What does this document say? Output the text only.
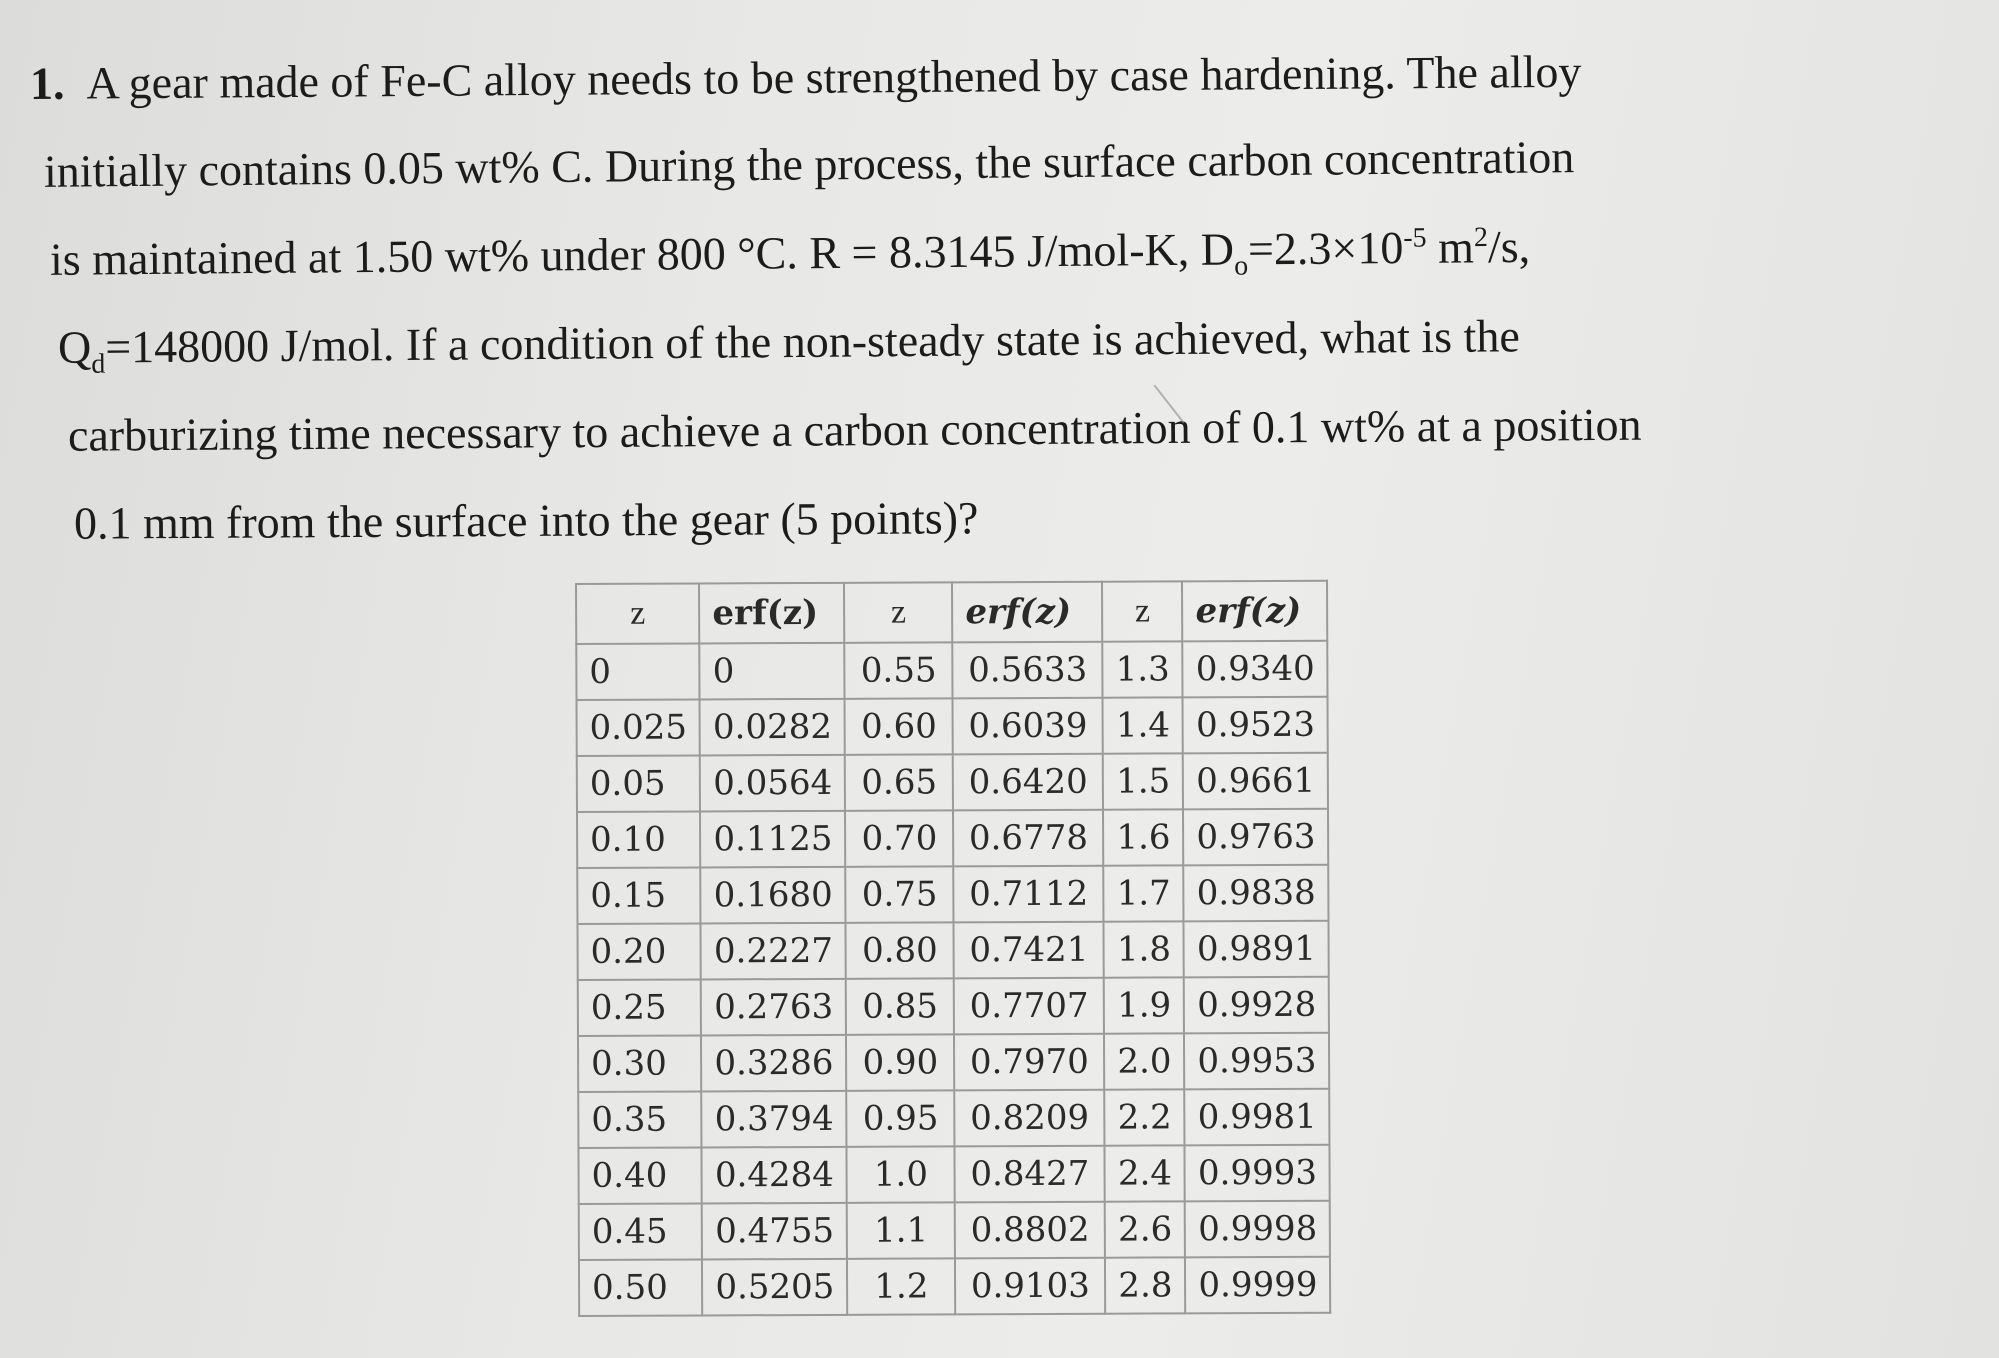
1. A gear made of Fe-C alloy needs to be strengthened by case hardening. The alloy
initially contains 0.05 wt% C. During the process, the surface carbon concentration
is maintained at 1.50 wt% under 800 °C. R = 8.3145 J/mol-K, $D_o=2.3\times 10^{-5}$ $m^2/s$,
$Q_d=148000$ J/mol. If a condition of the non-steady state is achieved, what is the
carburizing time necessary to achieve a carbon concentration of 0.1 wt% at a position
0.1 mm from the surface into the gear (5 points)?
z	erf(z)	z	erf(z)	z	erf(z)
0	0	0.55	0.5633	1.3	0.9340
0.025	0.0282	0.60	0.6039	1.4	0.9523
0.05	0.0564	0.65	0.6420	1.5	0.9661
0.10	0.1125	0.70	0.6778	1.6	0.9763
0.15	0.1680	0.75	0.7112	1.7	0.9838
0.20	0.2227	0.80	0.7421	1.8	0.9891
0.25	0.2763	0.85	0.7707	1.9	0.9928
0.30	0.3286	0.90	0.7970	2.0	0.9953
0.35	0.3794	0.95	0.8209	2.2	0.9981
0.40	0.4284	1.0	0.8427	2.4	0.9993
0.45	0.4755	1.1	0.8802	2.6	0.9998
0.50	0.5205	1.2	0.9103	2.8	0.9999
